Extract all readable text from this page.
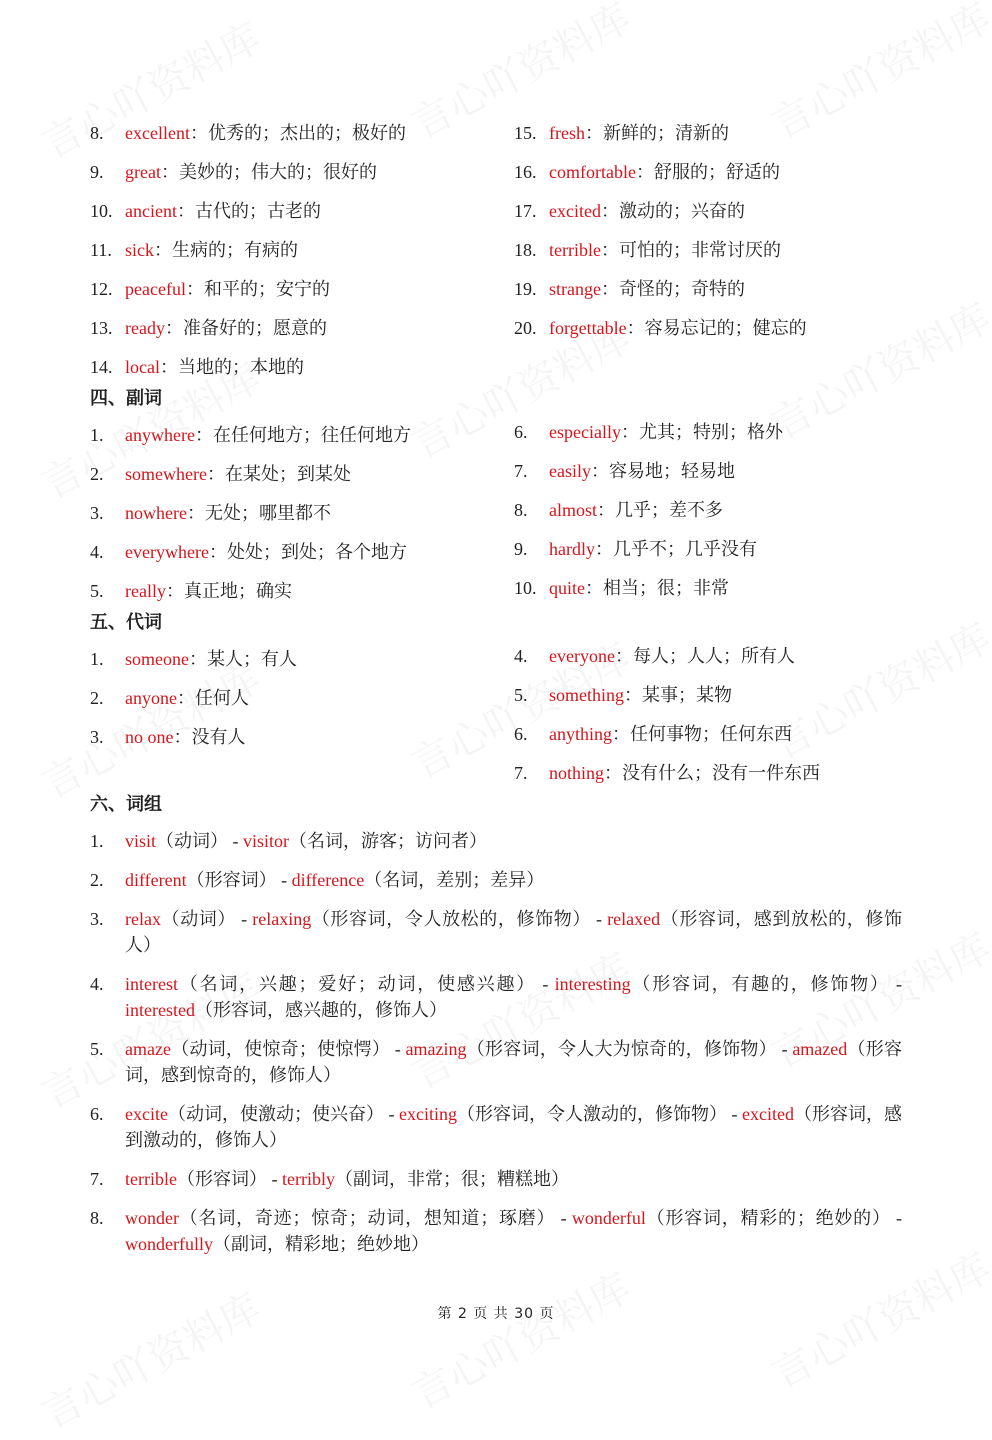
8. excellent：优秀的；杰出的；极好的
9. great：美妙的；伟大的；很好的
10. ancient：古代的；古老的
11. sick：生病的；有病的
12. peaceful：和平的；安宁的
13. ready：准备好的；愿意的
14. local：当地的；本地的
15. fresh：新鲜的；清新的
16. comfortable：舒服的；舒适的
17. excited：激动的；兴奋的
18. terrible：可怕的；非常讨厌的
19. strange：奇怪的；奇特的
20. forgettable：容易忘记的；健忘的
四、副词
1. anywhere：在任何地方；往任何地方
2. somewhere：在某处；到某处
3. nowhere：无处；哪里都不
4. everywhere：处处；到处；各个地方
5. really：真正地；确实
6. especially：尤其；特别；格外
7. easily：容易地；轻易地
8. almost：几乎；差不多
9. hardly：几乎不；几乎没有
10. quite：相当；很；非常
五、代词
1. someone：某人；有人
2. anyone：任何人
3. no one：没有人
4. everyone：每人；人人；所有人
5. something：某事；某物
6. anything：任何事物；任何东西
7. nothing：没有什么；没有一件东西
六、词组
1. visit（动词） - visitor（名词，游客；访问者）
2. different（形容词） - difference（名词，差别；差异）
3. relax（动词） - relaxing（形容词，令人放松的，修饰物） - relaxed（形容词，感到放松的，修饰人）
4. interest（名词，兴趣；爱好；动词，使感兴趣） - interesting（形容词，有趣的，修饰物） - interested（形容词，感兴趣的，修饰人）
5. amaze（动词，使惊奇；使惊愕） - amazing（形容词，令人大为惊奇的，修饰物） - amazed（形容词，感到惊奇的，修饰人）
6. excite（动词，使激动；使兴奋） - exciting（形容词，令人激动的，修饰物） - excited（形容词，感到激动的，修饰人）
7. terrible（形容词） - terribly（副词，非常；很；糟糕地）
8. wonder（名词，奇迹；惊奇；动词，想知道；琢磨） - wonderful（形容词，精彩的；绝妙的） - wonderfully（副词，精彩地；绝妙地）
第 2 页 共 30 页
